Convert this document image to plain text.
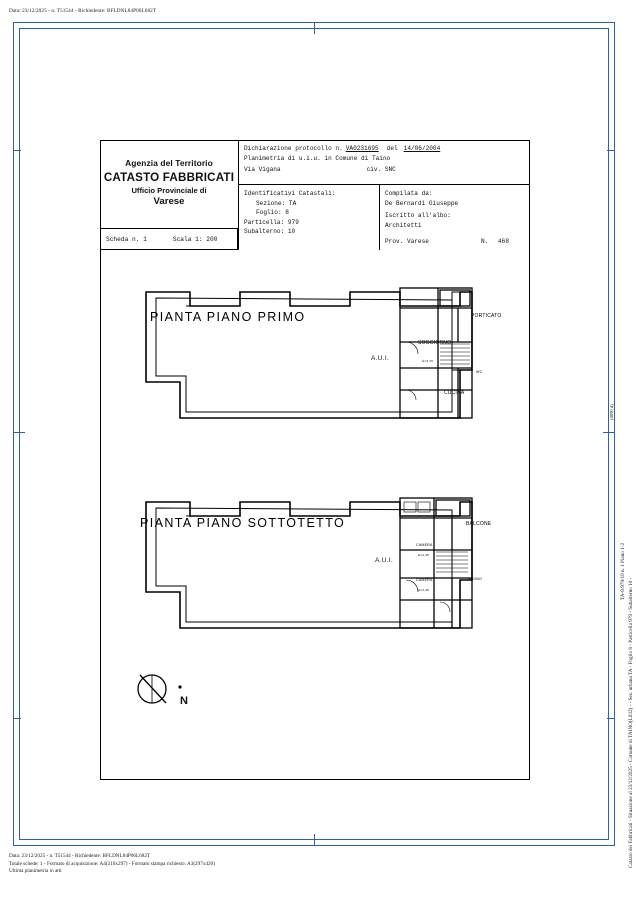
Data: 23/12/2025 - n. T51544 - Richiedente: BFLDNL84P06L682T
Catasto dei Fabbricati - Situazione al 23/12/2025 - Comune di TAINO(L032) - - Sez. urbana TA - Foglio 8 - Particella 979 - Subalterno 10 -
TA-8/979/10 n. 1 Piano 1-2
(4090 d)
Agenzia del Territorio
CATASTO FABBRICATI
Ufficio Provinciale di
Varese
Scheda n. 1	Scala 1: 200
Dichiarazione protocollo n. VA0231695 del 14/06/2004
Planimetria di u.i.u. in Comune di Taino
Via Vigana	civ. SNC
Identificativi Catastali:
Sezione: TA
Foglio: 8
Particella: 979
Subalterno: 10
Compilata da:
De Bernardi Giuseppe
Iscritto all'albo:
Architetti
Prov. Varese	N. 468
PORTICATO
SOGGIORNO
H=2,70
CUCINA
WC
A.U.I.
BALCONE
CAMERA
H=2,45
CAMERA
H=2,45
BAGNO
A.U.I.
PIANTA PIANO PRIMO
PIANTA PIANO SOTTOTETTO
N
Data: 23/12/2025 - n. T51544 - Richiedente: BFLDNL84P06L682T
Totale schede: 1 - Formato di acquisizione: A4(210x297) - Formato stampa richiesto: A3(297x420)
Ultima planimetria in atti
